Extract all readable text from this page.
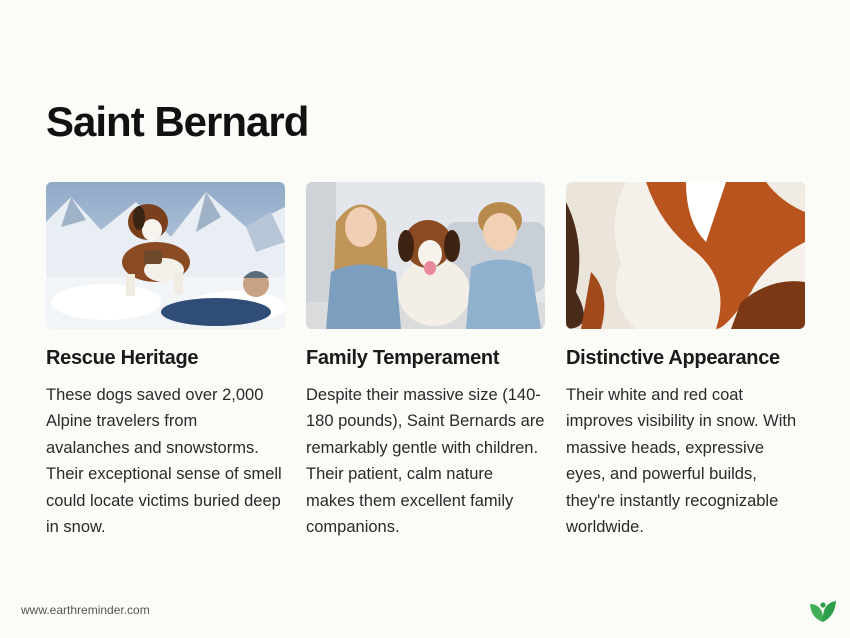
Saint Bernard
Rescue Heritage

These dogs saved over 2,000 Alpine travelers from avalanches and snowstorms. Their exceptional sense of smell could locate victims buried deep in snow.

Family Temperament

Despite their massive size (140-180 pounds), Saint Bernards are remarkably gentle with children. Their patient, calm nature makes them excellent family companions.

Distinctive Appearance

Their white and red coat improves visibility in snow. With massive heads, expressive eyes, and powerful builds, they're instantly recognizable worldwide.

www.earthreminder.com
